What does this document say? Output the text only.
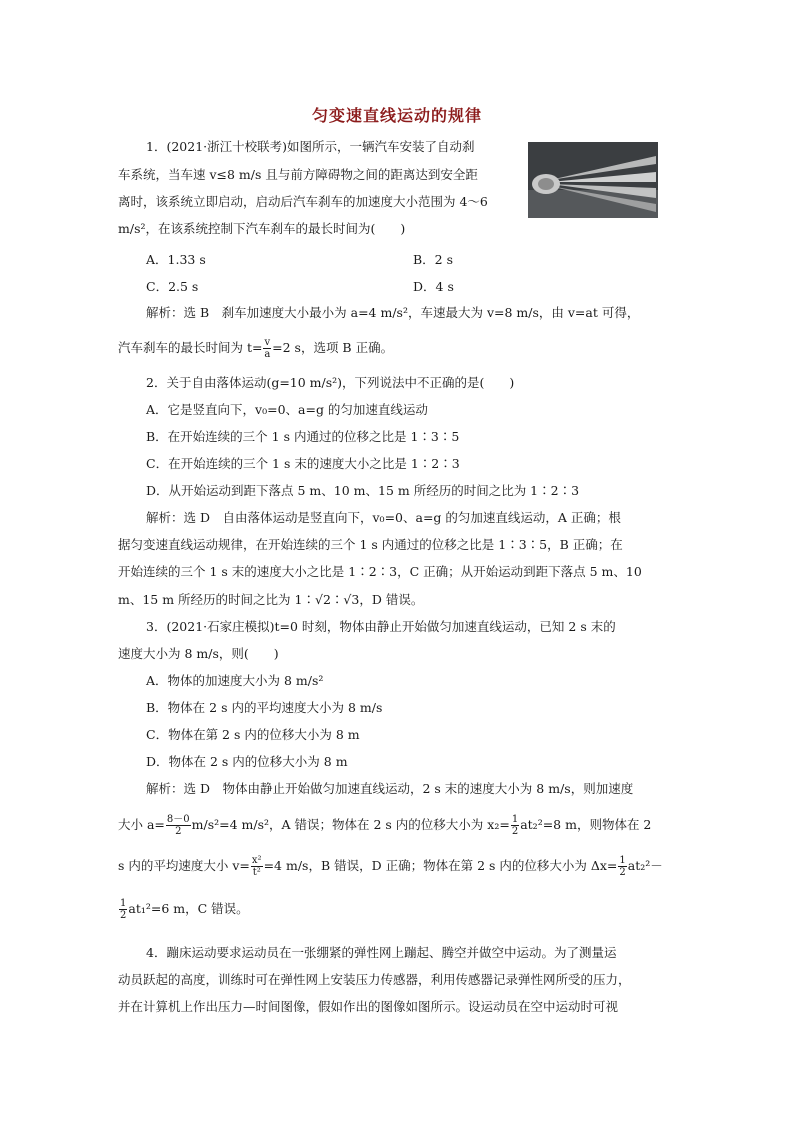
匀变速直线运动的规律
1．(2021·浙江十校联考)如图所示，一辆汽车安装了自动刹
车系统，当车速 v≤8 m/s 且与前方障碍物之间的距离达到安全距
离时，该系统立即启动，启动后汽车刹车的加速度大小范围为 4～6
m/s²，在该系统控制下汽车刹车的最长时间为(　　)
A．1.33 s	B．2 s
C．2.5 s	D．4 s
解析：选 B　刹车加速度大小最小为 a=4 m/s²，车速最大为 v=8 m/s，由 v=at 可得，
汽车刹车的最长时间为 $t= \frac{v}{a} =2$ s，选项 B 正确。
2．关于自由落体运动(g=10 m/s²)，下列说法中不正确的是(　　)
A．它是竖直向下，v₀=0、a=g 的匀加速直线运动
B．在开始连续的三个 1 s 内通过的位移之比是 1∶3∶5
C．在开始连续的三个 1 s 末的速度大小之比是 1∶2∶3
D．从开始运动到距下落点 5 m、10 m、15 m 所经历的时间之比为 1∶2∶3
解析：选 D　自由落体运动是竖直向下，v₀=0、a=g 的匀加速直线运动，A 正确；根
据匀变速直线运动规律，在开始连续的三个 1 s 内通过的位移之比是 1∶3∶5，B 正确；在
开始连续的三个 1 s 末的速度大小之比是 1∶2∶3，C 正确；从开始运动到距下落点 5 m、10
m、15 m 所经历的时间之比为 1∶√2∶√3，D 错误。
3．(2021·石家庄模拟)t=0 时刻，物体由静止开始做匀加速直线运动，已知 2 s 末的
速度大小为 8 m/s，则(　　)
A．物体的加速度大小为 8 m/s²
B．物体在 2 s 内的平均速度大小为 8 m/s
C．物体在第 2 s 内的位移大小为 8 m
D．物体在 2 s 内的位移大小为 8 m
解析：选 D　物体由静止开始做匀加速直线运动，2 s 末的速度大小为 8 m/s，则加速度
大小 $a= \frac{8-0}{2} m/s^2=4$ m/s²，A 错误；物体在 2 s 内的位移大小为 $x_2= \frac{1}{2} at_2^2=8$ m，则物体在 2
s 内的平均速度大小 $v= \frac{\text{x²}}{\text{t²}} =4$ m/s，B 错误，D 正确；物体在第 2 s 内的位移大小为 $\Delta x= \frac{1}{2} at_2^2-$
$\frac{1}{2} at_1^2=6$ m，C 错误。
4．蹦床运动要求运动员在一张绷紧的弹性网上蹦起、腾空并做空中运动。为了测量运
动员跃起的高度，训练时可在弹性网上安装压力传感器，利用传感器记录弹性网所受的压力，
并在计算机上作出压力—时间图像，假如作出的图像如图所示。设运动员在空中运动时可视
